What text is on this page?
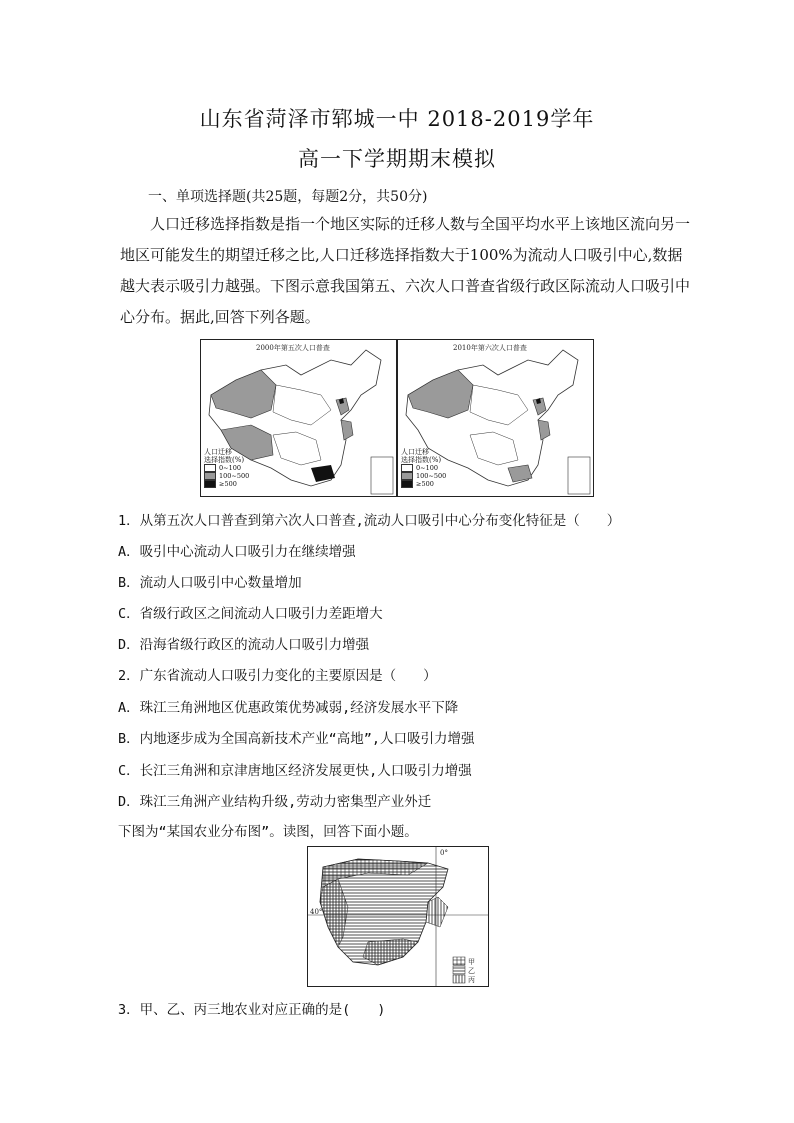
山东省菏泽市郓城一中 2018-2019学年
高一下学期期末模拟
一、单项选择题(共25题，每题2分，共50分)
人口迁移选择指数是指一个地区实际的迁移人数与全国平均水平上该地区流向另一地区可能发生的期望迁移之比,人口迁移选择指数大于100%为流动人口吸引中心,数据越大表示吸引力越强。下图示意我国第五、六次人口普查省级行政区际流动人口吸引中心分布。据此,回答下列各题。
2000年第五次人口普查
人口迁移
选择指数(%)
0~100
100~500
≥500
2010年第六次人口普查
人口迁移
选择指数(%)
0~100
100~500
≥500
1．从第五次人口普查到第六次人口普查,流动人口吸引中心分布变化特征是（　　）
A．吸引中心流动人口吸引力在继续增强
B．流动人口吸引中心数量增加
C．省级行政区之间流动人口吸引力差距增大
D．沿海省级行政区的流动人口吸引力增强
2．广东省流动人口吸引力变化的主要原因是（　　）
A．珠江三角洲地区优惠政策优势减弱,经济发展水平下降
B．内地逐步成为全国高新技术产业“高地”,人口吸引力增强
C．长江三角洲和京津唐地区经济发展更快,人口吸引力增强
D．珠江三角洲产业结构升级,劳动力密集型产业外迁
下图为“某国农业分布图”。读图，回答下面小题。
0°
40°
甲
乙
丙
3．甲、乙、丙三地农业对应正确的是(　　)
